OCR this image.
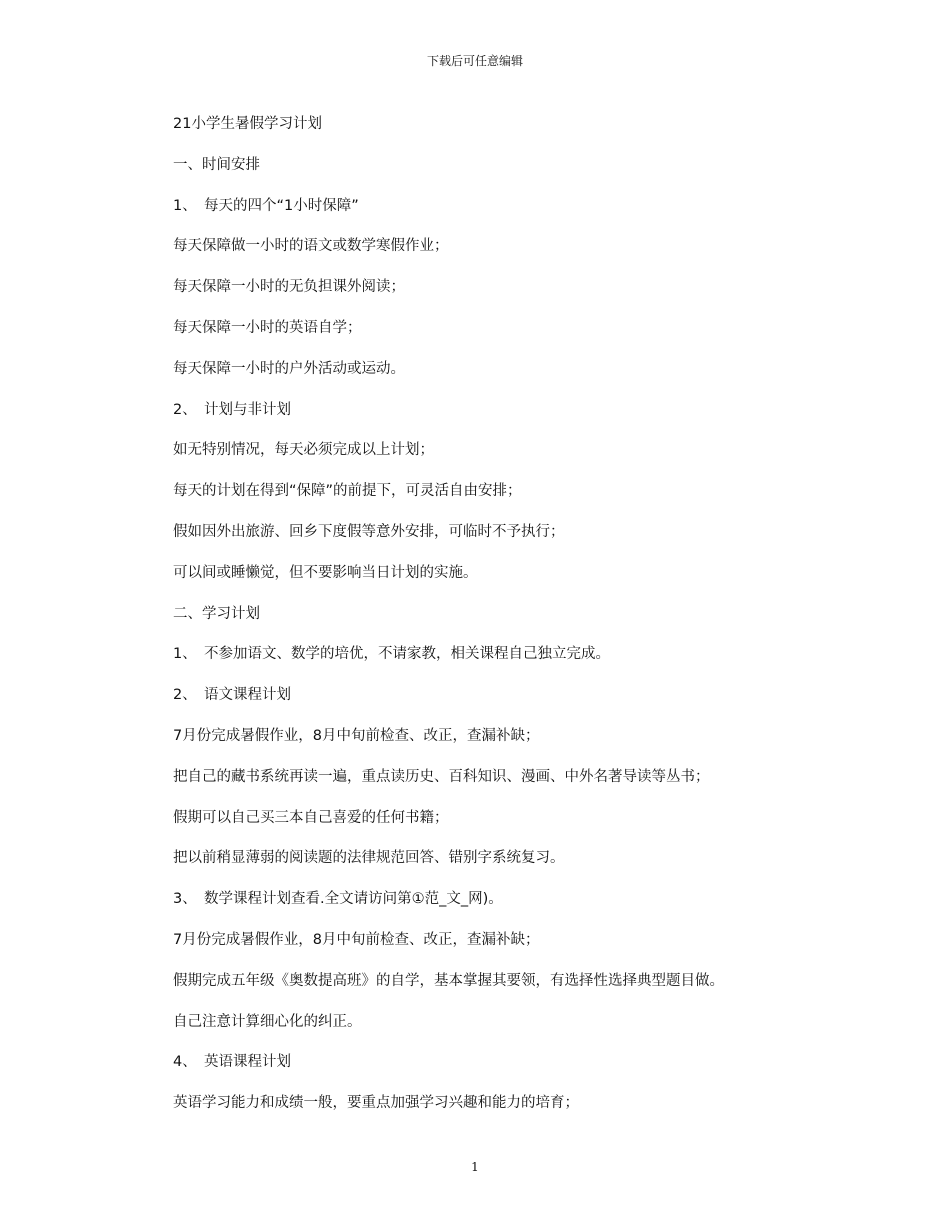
下载后可任意编辑
21小学生暑假学习计划
一、时间安排
1、　每天的四个“1小时保障”
每天保障做一小时的语文或数学寒假作业；
每天保障一小时的无负担课外阅读；
每天保障一小时的英语自学；
每天保障一小时的户外活动或运动。
2、　计划与非计划
如无特别情况，每天必须完成以上计划；
每天的计划在得到“保障”的前提下，可灵活自由安排；
假如因外出旅游、回乡下度假等意外安排，可临时不予执行；
可以间或睡懒觉，但不要影响当日计划的实施。
二、学习计划
1、　不参加语文、数学的培优，不请家教，相关课程自己独立完成。
2、　语文课程计划
7月份完成暑假作业，8月中旬前检查、改正，查漏补缺；
把自己的藏书系统再读一遍，重点读历史、百科知识、漫画、中外名著导读等丛书；
假期可以自己买三本自己喜爱的任何书籍；
把以前稍显薄弱的阅读题的法律规范回答、错别字系统复习。
3、　数学课程计划查看.全文请访问第①范_文_网)。
7月份完成暑假作业，8月中旬前检查、改正，查漏补缺；
假期完成五年级《奥数提高班》的自学，基本掌握其要领，有选择性选择典型题目做。
自己注意计算细心化的纠正。
4、　英语课程计划
英语学习能力和成绩一般，要重点加强学习兴趣和能力的培育；
1
